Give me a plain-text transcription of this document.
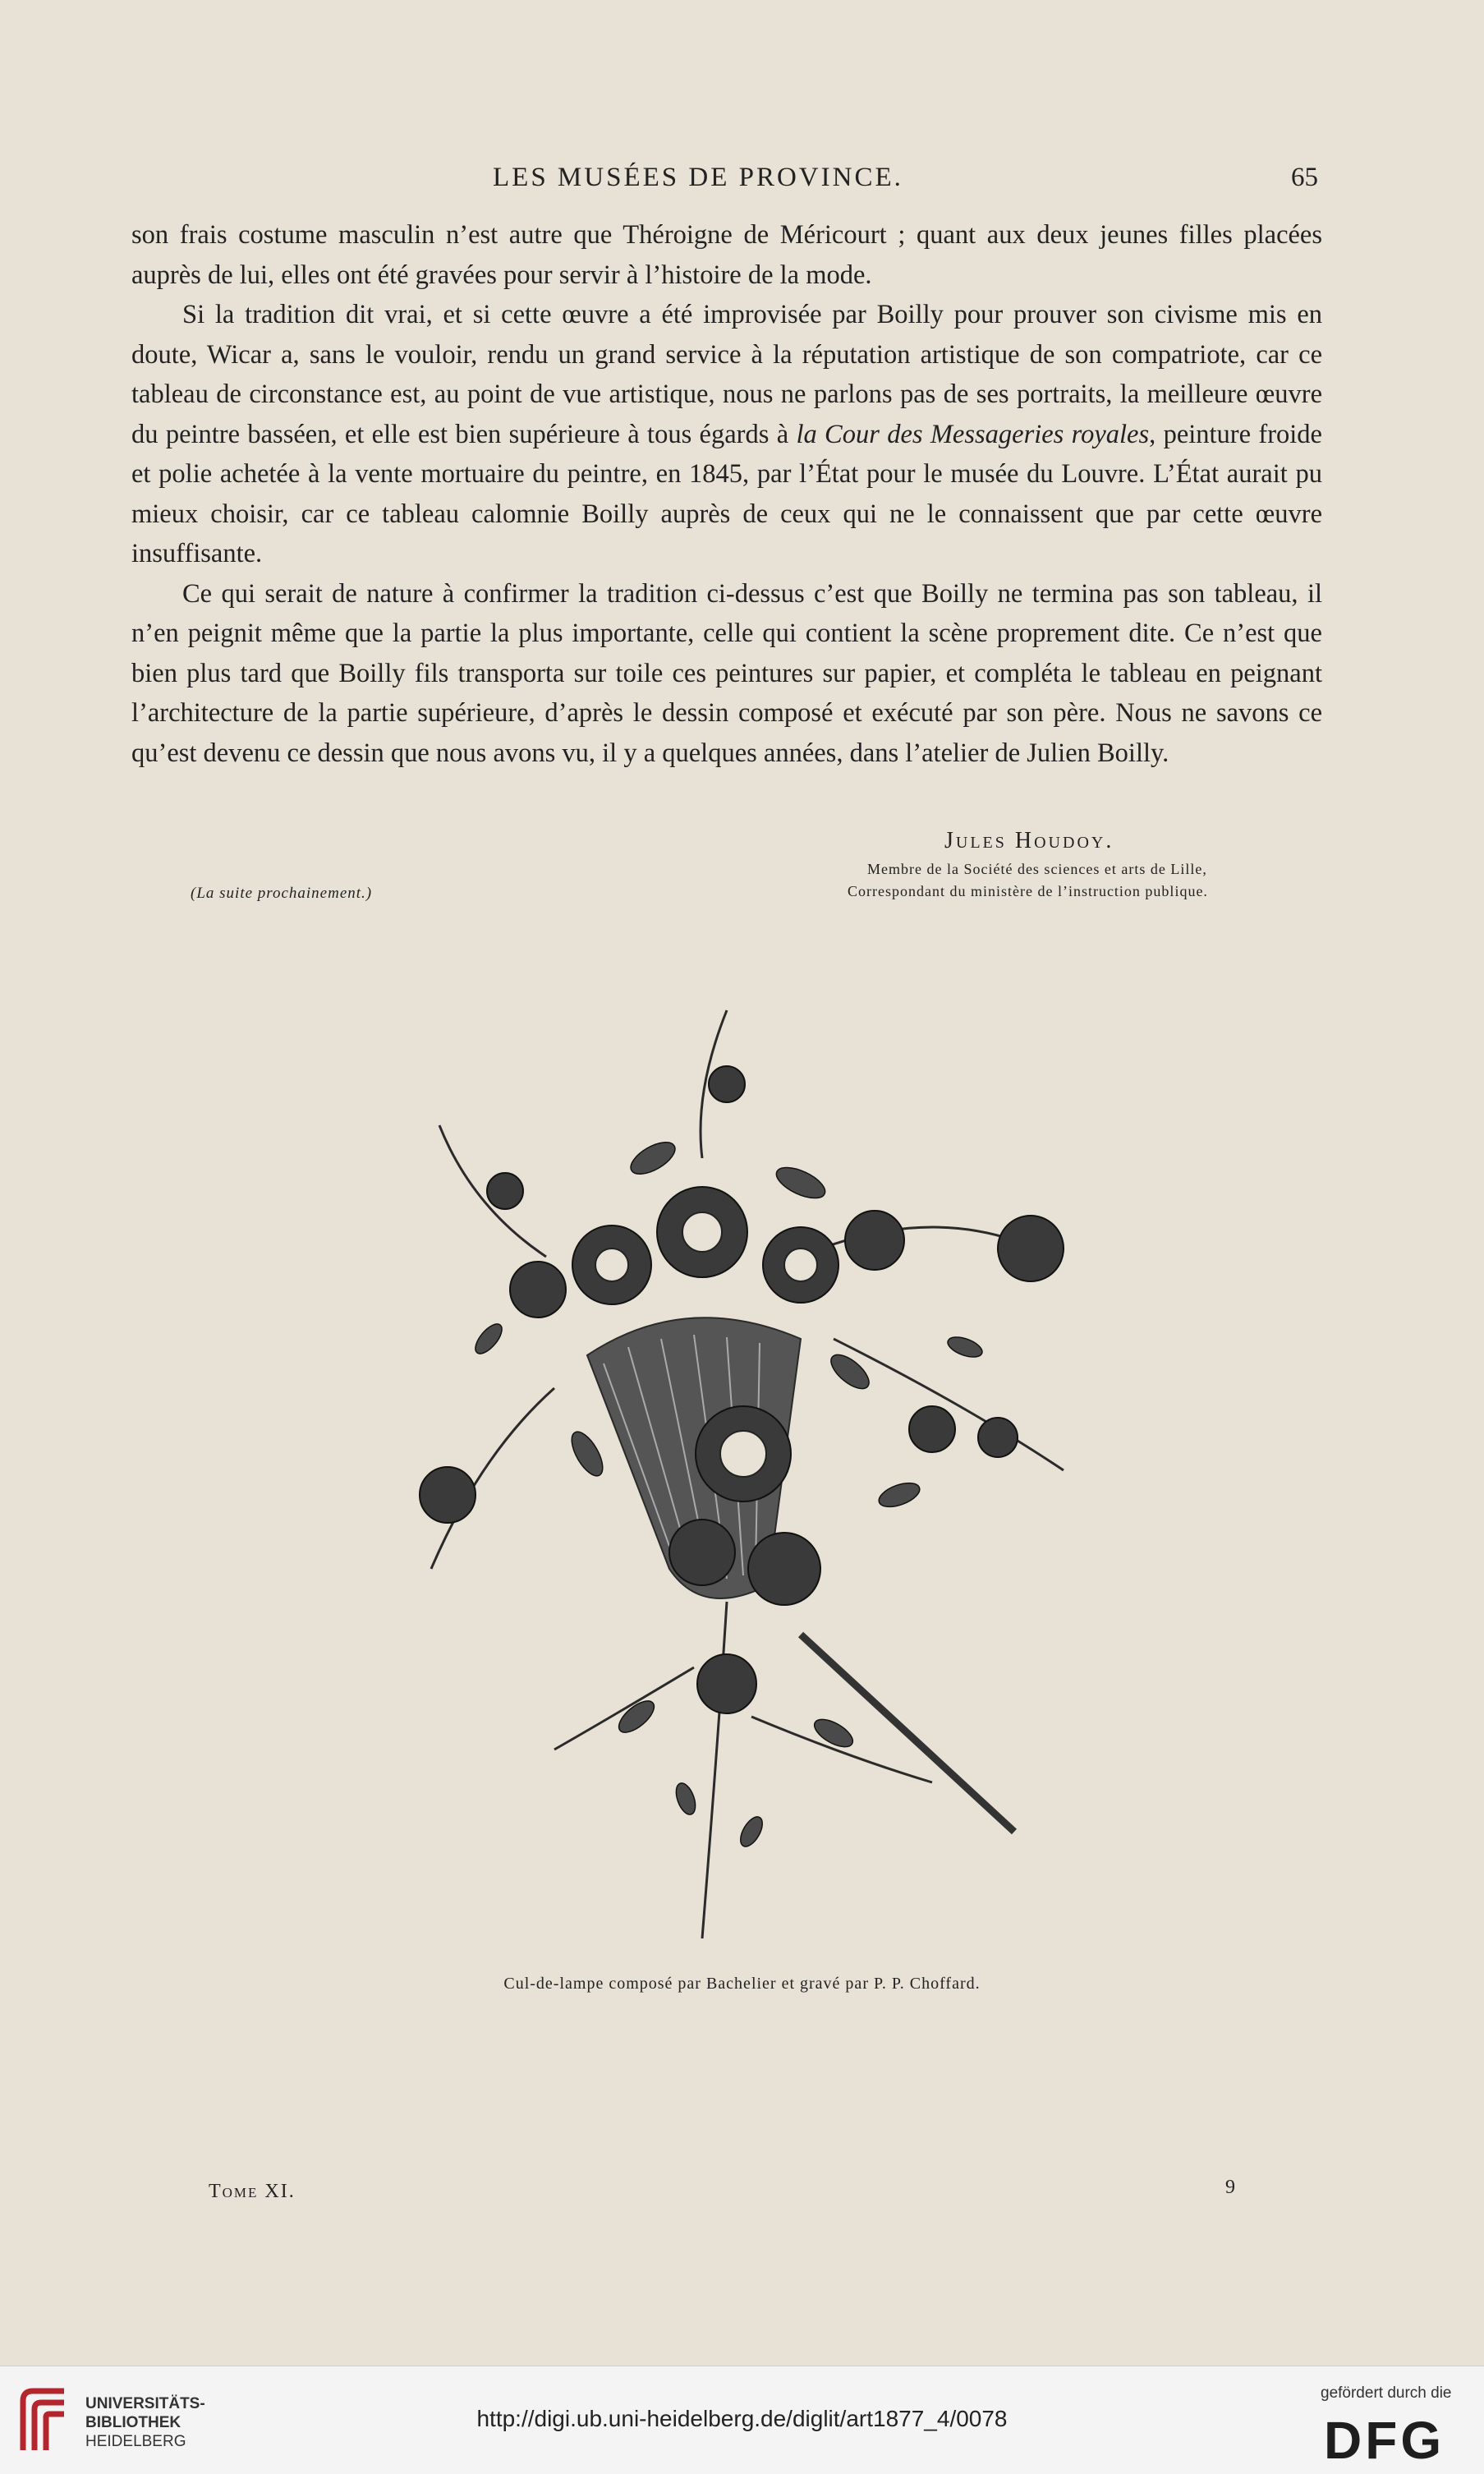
LES MUSÉES DE PROVINCE.	65

son frais costume masculin n’est autre que Théroigne de Méricourt ; quant aux deux jeunes filles placées auprès de lui, elles ont été gravées pour servir à l’histoire de la mode.

Si la tradition dit vrai, et si cette œuvre a été improvisée par Boilly pour prouver son civisme mis en doute, Wicar a, sans le vouloir, rendu un grand service à la réputation artistique de son compatriote, car ce tableau de circonstance est, au point de vue artistique, nous ne parlons pas de ses portraits, la meilleure œuvre du peintre basséen, et elle est bien supérieure à tous égards à la Cour des Messageries royales, peinture froide et polie achetée à la vente mortuaire du peintre, en 1845, par l’État pour le musée du Louvre. L’État aurait pu mieux choisir, car ce tableau calomnie Boilly auprès de ceux qui ne le connaissent que par cette œuvre insuffisante.

Ce qui serait de nature à confirmer la tradition ci-dessus c’est que Boilly ne termina pas son tableau, il n’en peignit même que la partie la plus importante, celle qui contient la scène proprement dite. Ce n’est que bien plus tard que Boilly fils transporta sur toile ces peintures sur papier, et compléta le tableau en peignant l’architecture de la partie supérieure, d’après le dessin composé et exécuté par son père. Nous ne savons ce qu’est devenu ce dessin que nous avons vu, il y a quelques années, dans l’atelier de Julien Boilly.

Jules Houdoy.
Membre de la Société des sciences et arts de Lille,
Correspondant du ministère de l’instruction publique.
(La suite prochainement.)
Cul-de-lampe composé par Bachelier et gravé par P. P. Choffard.
Tome XI.	9
UNIVERSITÄTS-
BIBLIOTHEK
HEIDELBERG
http://digi.ub.uni-heidelberg.de/diglit/art1877_4/0078
gefördert durch die
DFG
